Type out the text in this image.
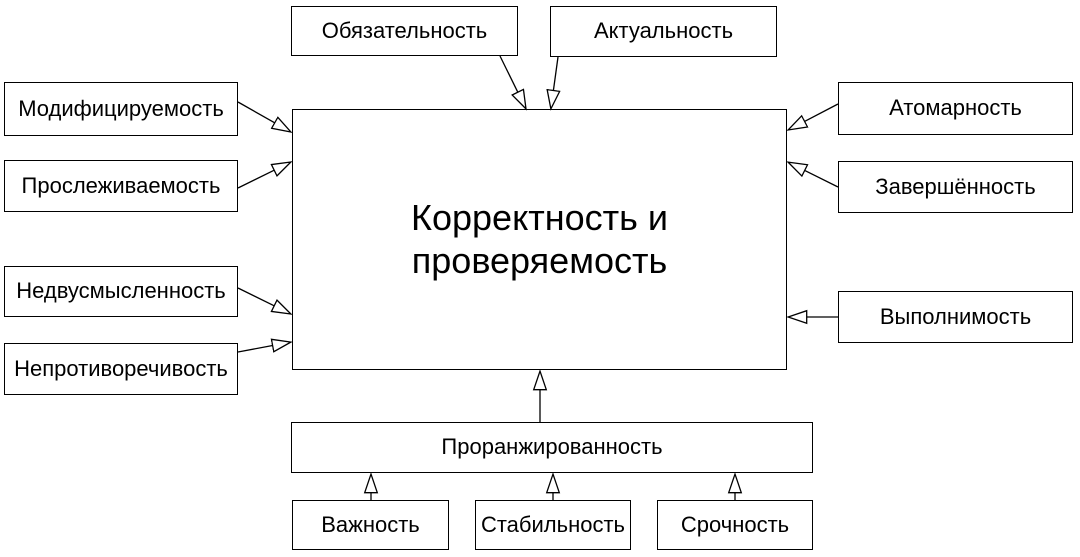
Обязательность	Актуальность
Модифицируемость
Прослеживаемость
Недвусмысленность
Непротиворечивость
Корректность и проверяемость
Атомарность
Завершённость
Выполнимость
Проранжированность
Важность	Стабильность	Срочность
